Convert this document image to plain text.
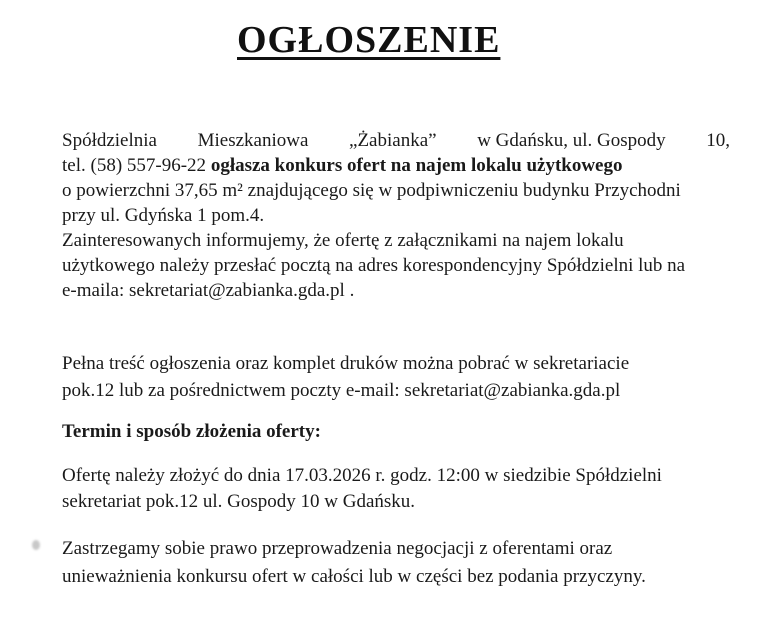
OGŁOSZENIE
Spółdzielnia Mieszkaniowa „Żabianka” w Gdańsku, ul. Gospody 10,
tel. (58) 557-96-22 ogłasza konkurs ofert na najem lokalu użytkowego
o powierzchni 37,65 m² znajdującego się w podpiwniczeniu budynku Przychodni
przy ul. Gdyńska 1 pom.4.
Zainteresowanych informujemy, że ofertę z załącznikami na najem lokalu
użytkowego należy przesłać pocztą na adres korespondencyjny Spółdzielni lub na
e-maila: sekretariat@zabianka.gda.pl .
Pełna treść ogłoszenia oraz komplet druków można pobrać w sekretariacie
pok.12 lub za pośrednictwem poczty e-mail: sekretariat@zabianka.gda.pl
Termin i sposób złożenia oferty:
Ofertę należy złożyć do dnia 17.03.2026 r. godz. 12:00 w siedzibie Spółdzielni
sekretariat pok.12 ul. Gospody 10 w Gdańsku.
Zastrzegamy sobie prawo przeprowadzenia negocjacji z oferentami oraz
unieważnienia konkursu ofert w całości lub w części bez podania przyczyny.
